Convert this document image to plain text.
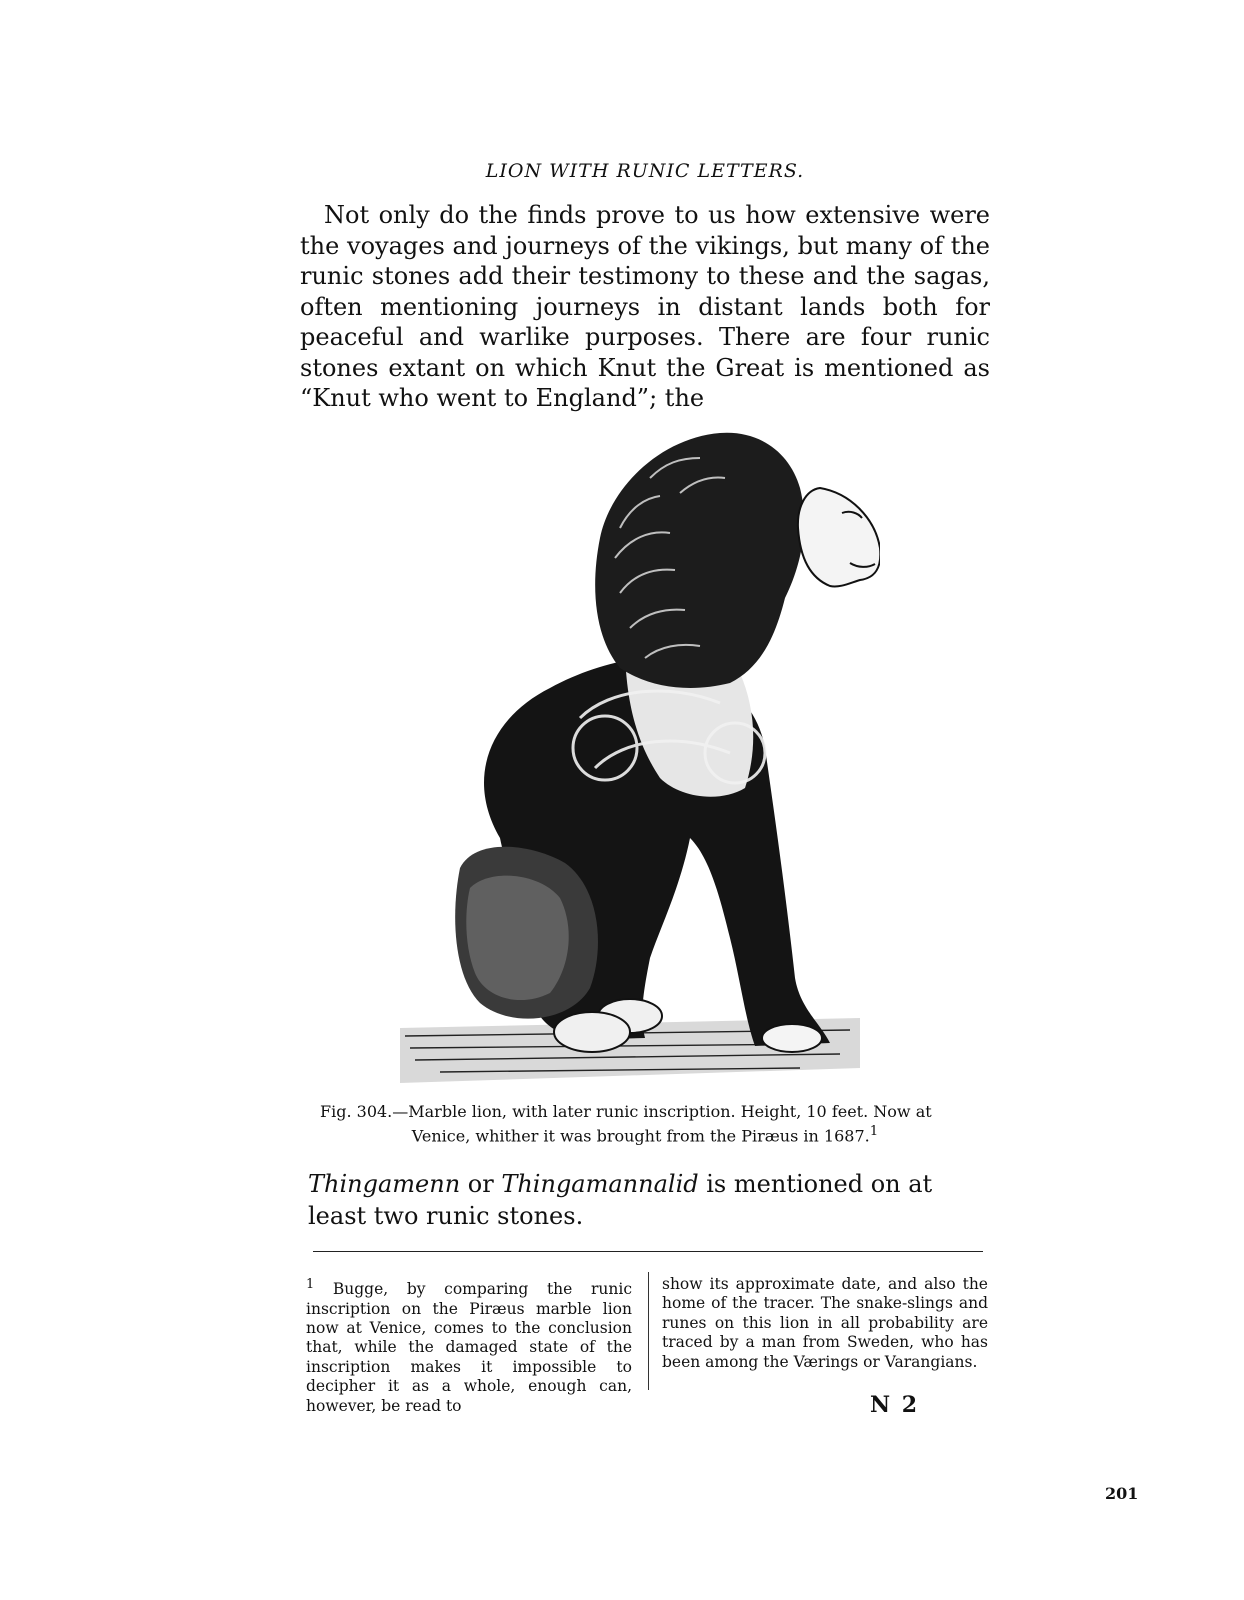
LION WITH RUNIC LETTERS.

Not only do the finds prove to us how extensive were the voyages and journeys of the vikings, but many of the runic stones add their testimony to these and the sagas, often mentioning journeys in distant lands both for peaceful and warlike purposes. There are four runic stones extant on which Knut the Great is mentioned as “Knut who went to England”; the

Fig. 304.—Marble lion, with later runic inscription. Height, 10 feet. Now at
Venice, whither it was brought from the Piræus in 1687.$^1$

Thingamenn or Thingamannalid is mentioned on at least two runic stones.

$^1$ Bugge, by comparing the runic inscription on the Piræus marble lion now at Venice, comes to the conclusion that, while the damaged state of the inscription makes it impossible to decipher it as a whole, enough can, however, be read to

show its approximate date, and also the home of the tracer. The snake-slings and runes on this lion in all probability are traced by a man from Sweden, who has been among the Værings or Varangians.

N 2
201
